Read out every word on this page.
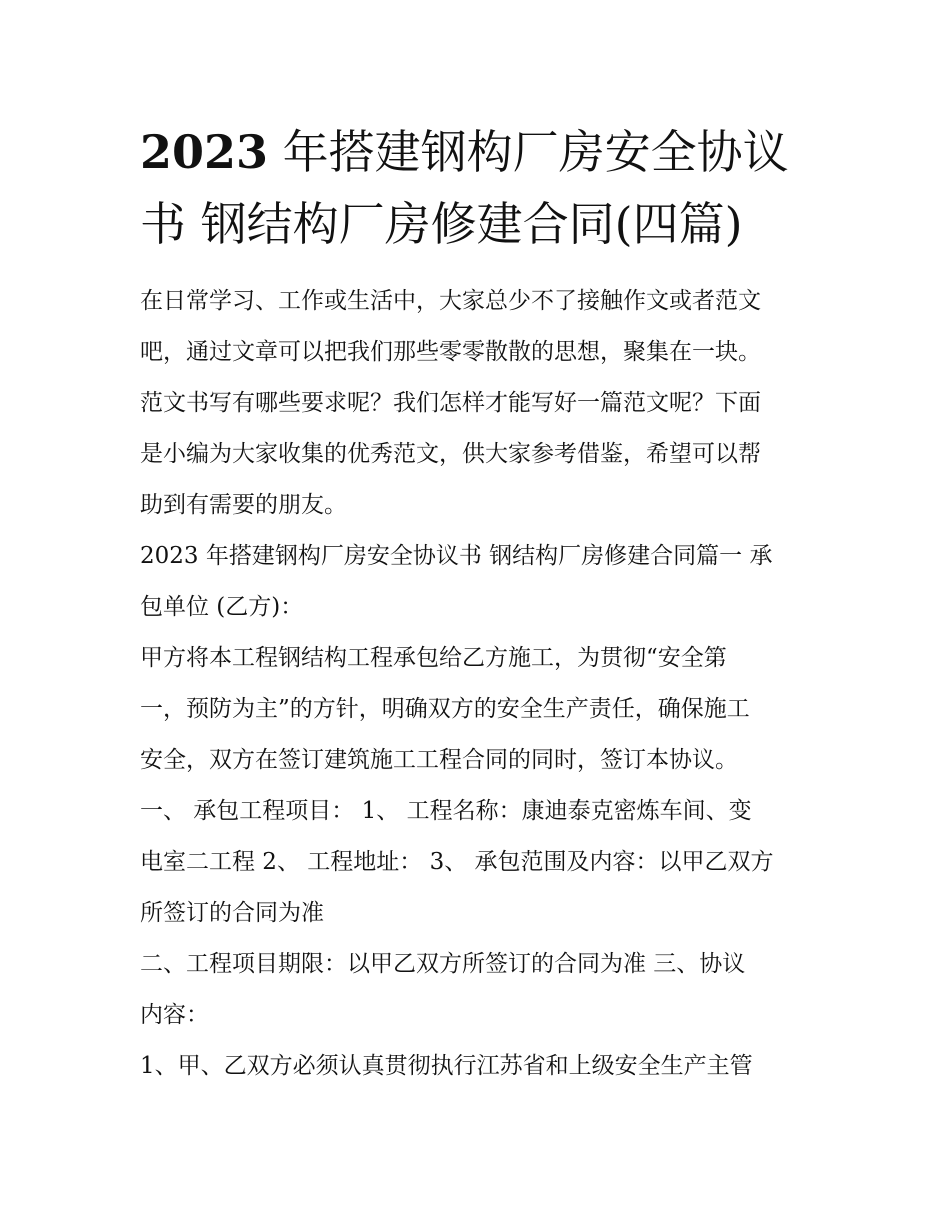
2023 年搭建钢构厂房安全协议
书 钢结构厂房修建合同(四篇)
在日常学习、工作或生活中，大家总少不了接触作文或者范文
吧，通过文章可以把我们那些零零散散的思想，聚集在一块。
范文书写有哪些要求呢？我们怎样才能写好一篇范文呢？下面
是小编为大家收集的优秀范文，供大家参考借鉴，希望可以帮
助到有需要的朋友。
2023 年搭建钢构厂房安全协议书 钢结构厂房修建合同篇一 承
包单位 (乙方)：
甲方将本工程钢结构工程承包给乙方施工，为贯彻“安全第
一，预防为主”的方针，明确双方的安全生产责任，确保施工
安全，双方在签订建筑施工工程合同的同时，签订本协议。
一、 承包工程项目： 1、 工程名称：康迪泰克密炼车间、变
电室二工程 2、 工程地址： 3、 承包范围及内容：以甲乙双方
所签订的合同为准
二、工程项目期限：以甲乙双方所签订的合同为准 三、协议
内容：
1、甲、乙双方必须认真贯彻执行江苏省和上级安全生产主管
